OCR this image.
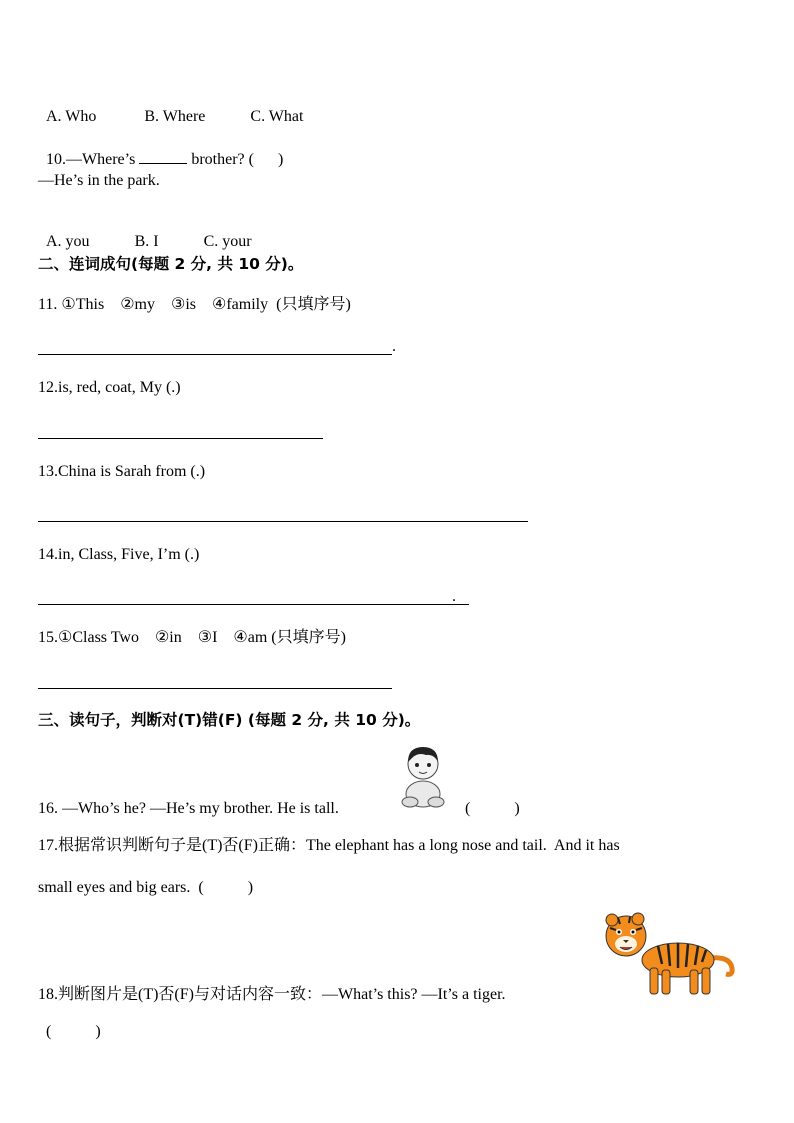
A. Who	B. Where	C. What

10.—Where’s	brother? (      )

—He’s in the park.

A. you	B. I	C. your

二、连词成句(每题 2 分, 共 10 分)。
11. ①This    ②my    ③is    ④family  (只填序号)
.
12.is, red, coat, My (.)
13.China is Sarah from (.)
14.in, Class, Five, I’m (.)
.
15.①Class Two    ②in    ③I    ④am (只填序号)
三、读句子，判断对(T)错(F) (每题 2 分, 共 10 分)。
16. —Who’s he? —He’s my brother. He is tall.	(           )
17.根据常识判断句子是(T)否(F)正确：The elephant has a long nose and tail.  And it has
small eyes and big ears.  (           )
18.判断图片是(T)否(F)与对话内容一致：—What’s this? —It’s a tiger.
(           )
